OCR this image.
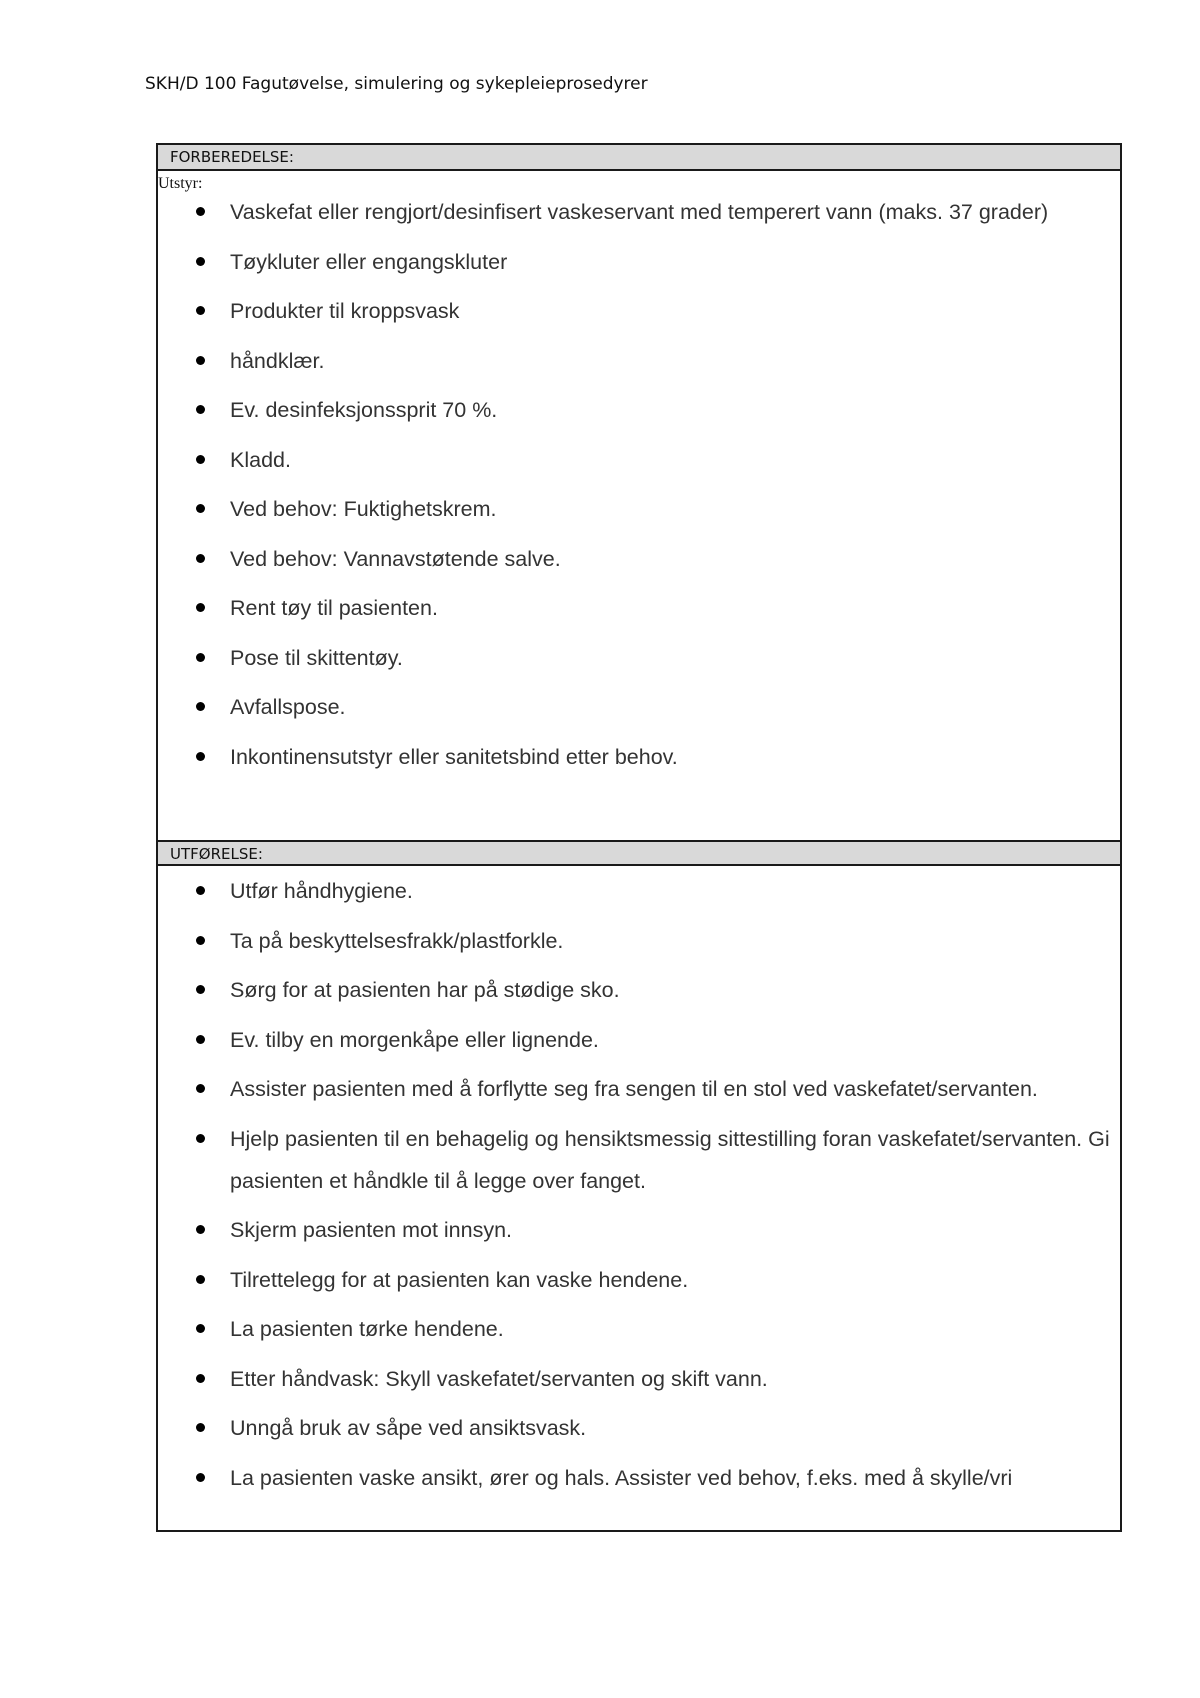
SKH/D 100 Fagutøvelse, simulering og sykepleieprosedyrer
FORBEREDELSE:
Utstyr:
Vaskefat eller rengjort/desinfisert vaskeservant med temperert vann (maks. 37 grader)
Tøykluter eller engangskluter
Produkter til kroppsvask
håndklær.
Ev. desinfeksjonssprit 70 %.
Kladd.
Ved behov: Fuktighetskrem.
Ved behov: Vannavstøtende salve.
Rent tøy til pasienten.
Pose til skittentøy.
Avfallspose.
Inkontinensutstyr eller sanitetsbind etter behov.
UTFØRELSE:
Utfør håndhygiene.
Ta på beskyttelsesfrakk/plastforkle.
Sørg for at pasienten har på stødige sko.
Ev. tilby en morgenkåpe eller lignende.
Assister pasienten med å forflytte seg fra sengen til en stol ved vaskefatet/servanten.
Hjelp pasienten til en behagelig og hensiktsmessig sittestilling foran vaskefatet/servanten. Gi pasienten et håndkle til å legge over fanget.
Skjerm pasienten mot innsyn.
Tilrettelegg for at pasienten kan vaske hendene.
La pasienten tørke hendene.
Etter håndvask: Skyll vaskefatet/servanten og skift vann.
Unngå bruk av såpe ved ansiktsvask.
La pasienten vaske ansikt, ører og hals. Assister ved behov, f.eks. med å skylle/vri
